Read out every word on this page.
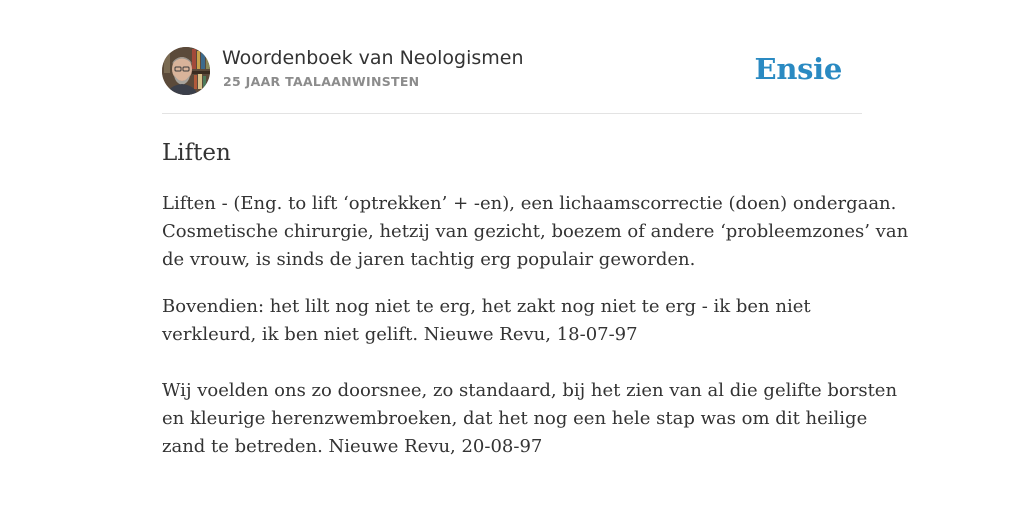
Woordenboek van Neologismen
25 JAAR TAALAANWINSTEN	Ensie
Liften
Liften - (Eng. to lift ‘optrekken’ + -en), een lichaamscorrectie (doen) ondergaan.
Cosmetische chirurgie, hetzij van gezicht, boezem of andere ‘probleemzones’ van
de vrouw, is sinds de jaren tachtig erg populair geworden.
Bovendien: het lilt nog niet te erg, het zakt nog niet te erg - ik ben niet
verkleurd, ik ben niet gelift. Nieuwe Revu, 18-07-97
Wij voelden ons zo doorsnee, zo standaard, bij het zien van al die gelifte borsten
en kleurige herenzwembroeken, dat het nog een hele stap was om dit heilige
zand te betreden. Nieuwe Revu, 20-08-97
